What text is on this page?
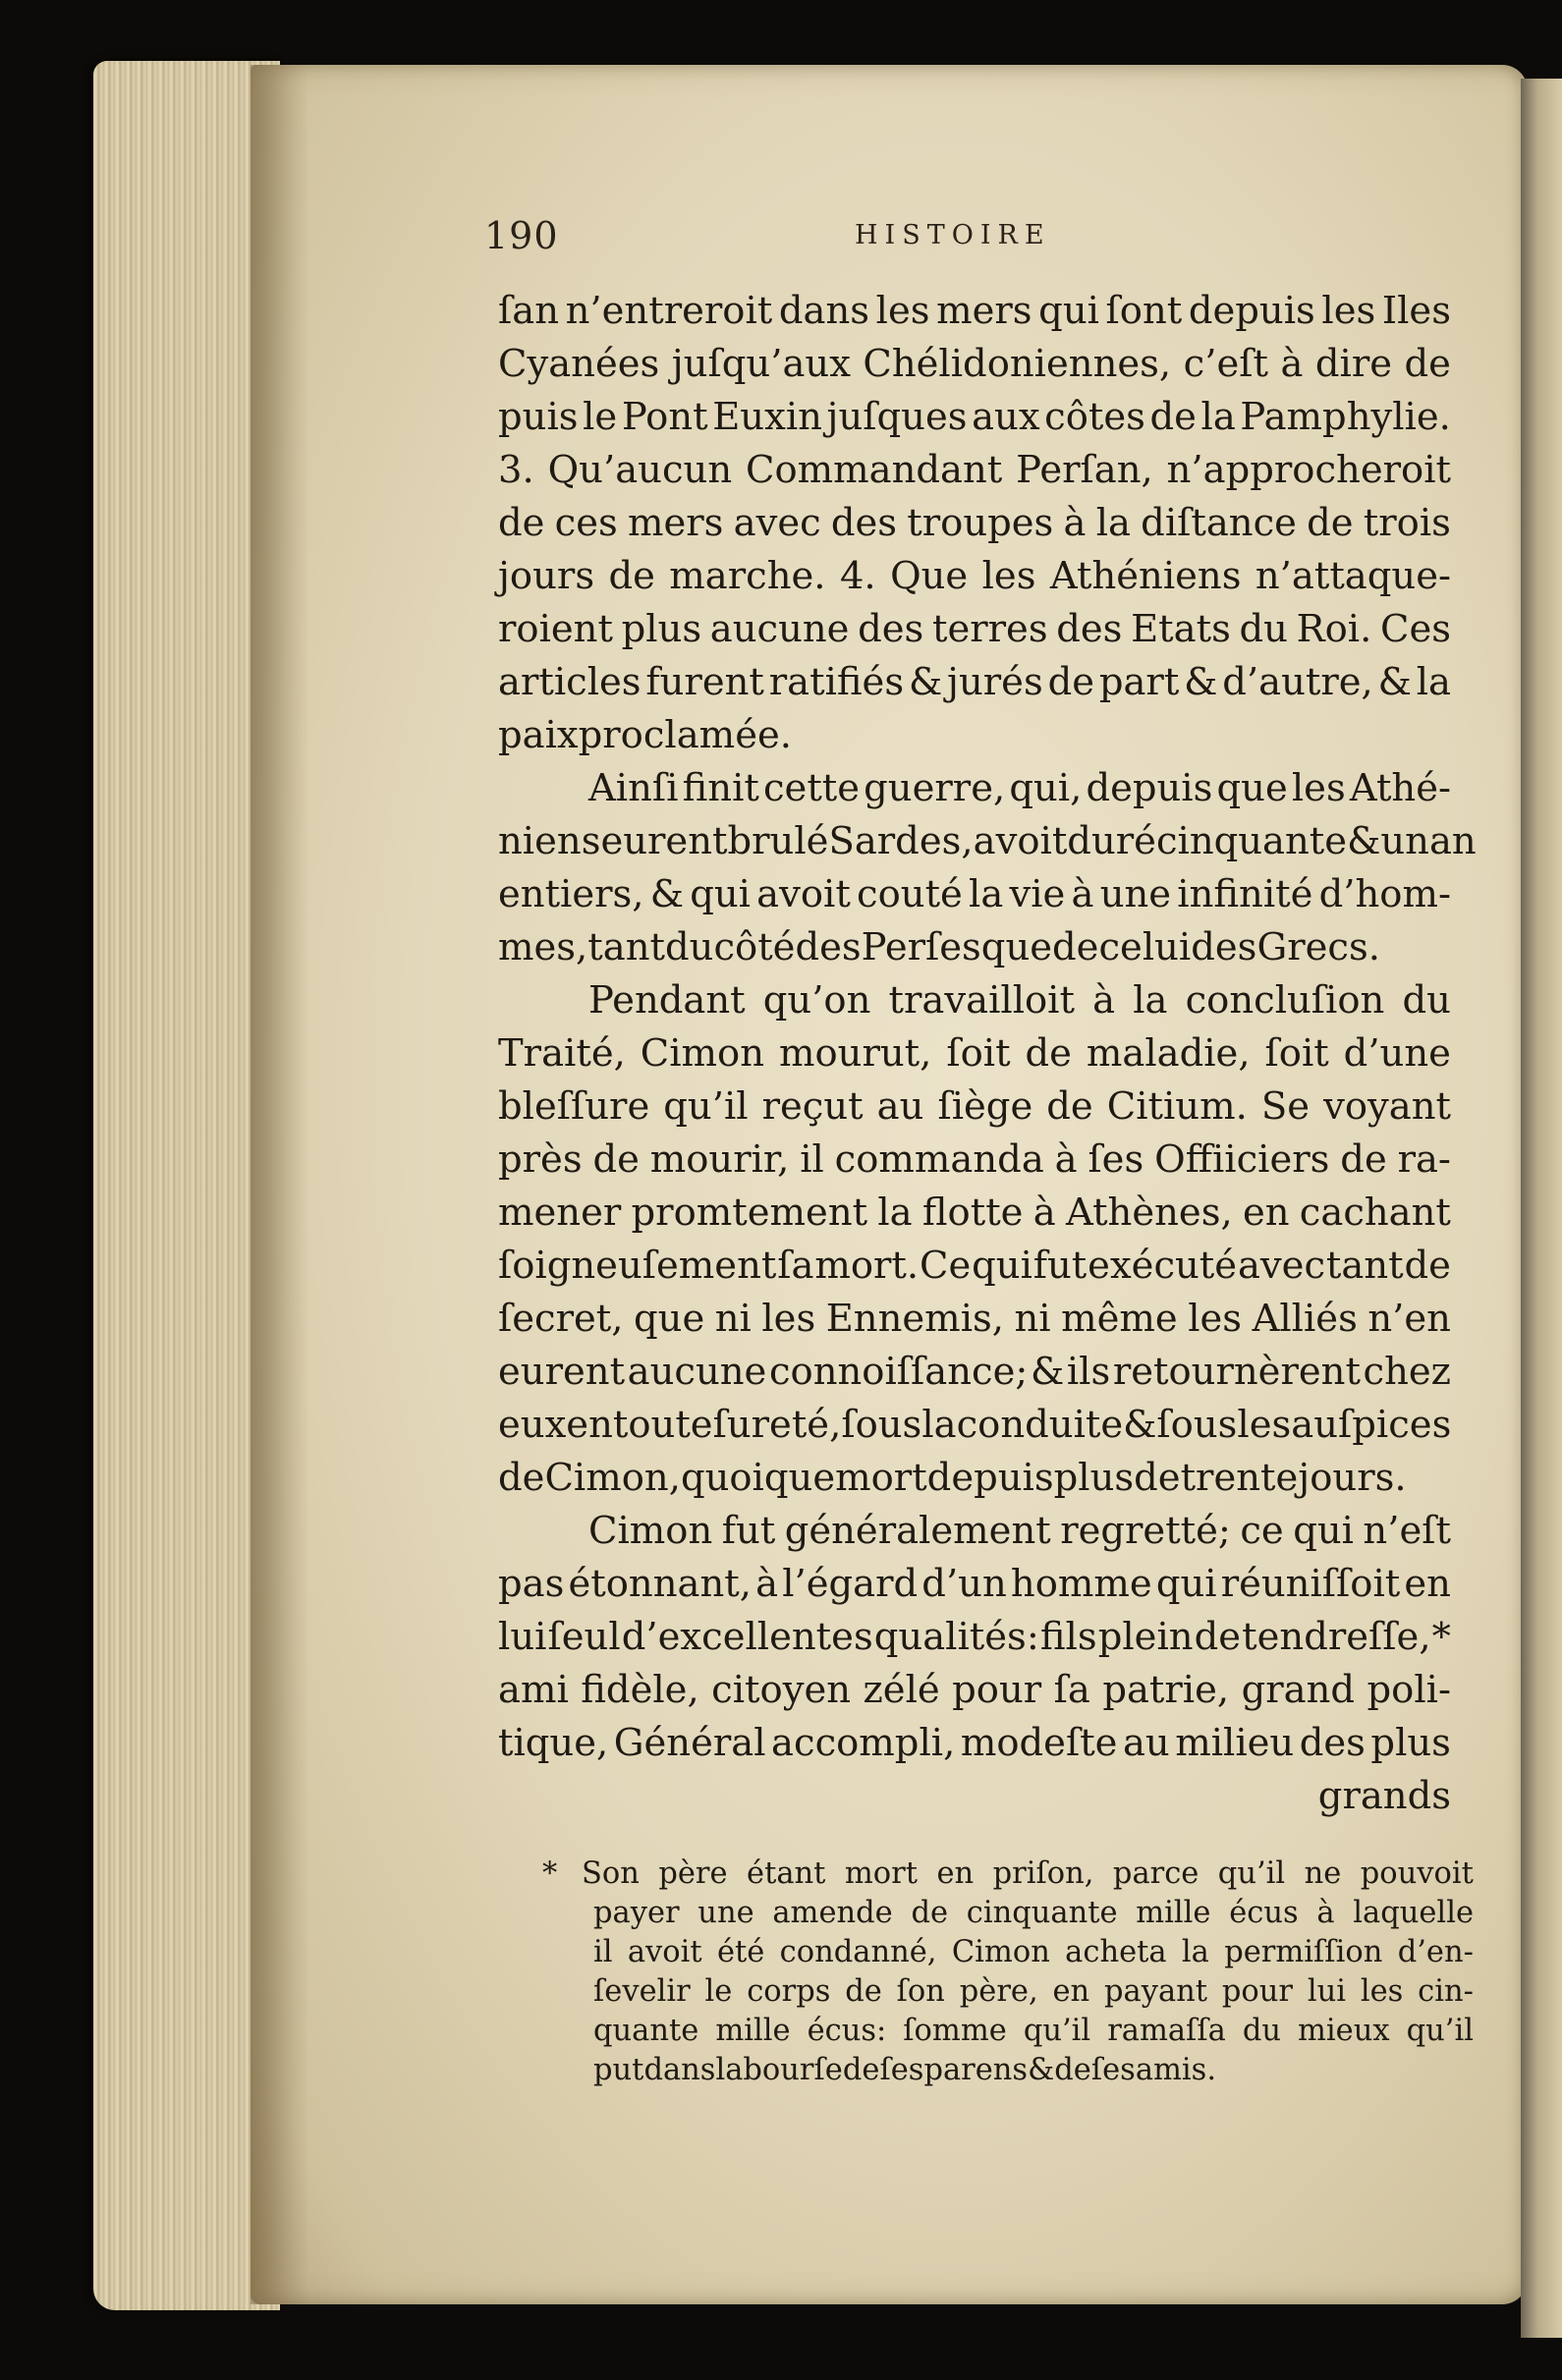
190	HISTOIRE
ſan n’entreroit dans les mers qui ſont depuis les Iles
Cyanées juſqu’aux Chélidoniennes, c’eſt à dire de
puis le Pont Euxin juſques aux côtes de la Pamphylie.
3. Qu’aucun Commandant Perſan, n’approcheroit
de ces mers avec des troupes à la diſtance de trois
jours de marche. 4. Que les Athéniens n’attaque-
roient plus aucune des terres des Etats du Roi. Ces
articles furent ratifiés & jurés de part & d’autre, & la
paix proclamée.
Ainſi finit cette guerre, qui, depuis que les Athé-
niens eurent brulé Sardes, avoit duré cinquante & un an
entiers, & qui avoit couté la vie à une infinité d’hom-
mes, tant du côté des Perſes que de celui des Grecs.
Pendant qu’on travailloit à la concluſion du
Traité, Cimon mourut, ſoit de maladie, ſoit d’une
bleſſure qu’il reçut au ſiège de Citium. Se voyant
près de mourir, il commanda à ſes Offiiciers de ra-
mener promtement la flotte à Athènes, en cachant
ſoigneuſement ſa mort. Ce qui fut exécuté avec tant de
ſecret, que ni les Ennemis, ni même les Alliés n’en
eurent aucune connoiſſance; & ils retournèrent chez
eux en toute ſureté, ſous la conduite & ſous les auſpices
de Cimon, quoi que mort depuis plus de trente jours.
Cimon fut généralement regretté; ce qui n’eſt
pas étonnant, à l’égard d’un homme qui réuniſſoit en
lui ſeul d’excellentes qualités: fils plein de tendreſſe, *
ami fidèle, citoyen zélé pour ſa patrie, grand poli-
tique, Général accompli, modeſte au milieu des plus
grands
* Son père étant mort en priſon, parce qu’il ne pouvoit
payer une amende de cinquante mille écus à laquelle
il avoit été condanné, Cimon acheta la permiſſion d’en-
ſevelir le corps de ſon père, en payant pour lui les cin-
quante mille écus: ſomme qu’il ramaſſa du mieux qu’il
put dans la bourſe de ſes parens & de ſes amis.
